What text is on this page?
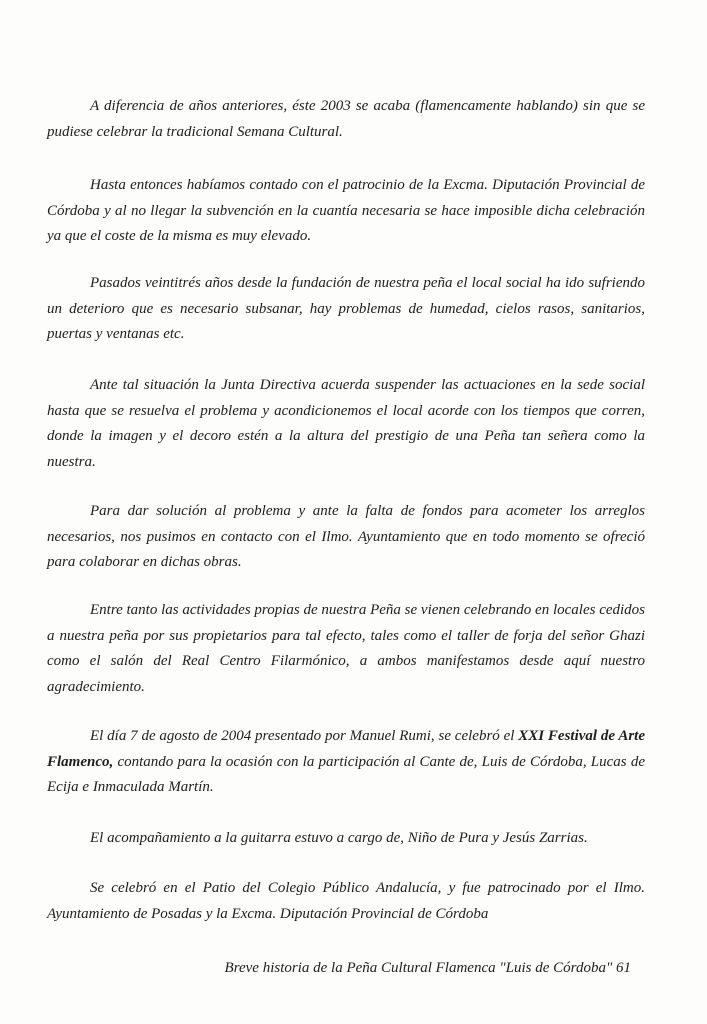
A diferencia de años anteriores, éste 2003 se acaba (flamencamente hablando) sin que se pudiese celebrar la tradicional Semana Cultural.

Hasta entonces habíamos contado con el patrocinio de la Excma. Diputación Provincial de Córdoba y al no llegar la subvención en la cuantía necesaria se hace imposible dicha celebración ya que el coste de la misma es muy elevado.

Pasados veintitrés años desde la fundación de nuestra peña el local social ha ido sufriendo un deterioro que es necesario subsanar, hay problemas de humedad, cielos rasos, sanitarios, puertas y ventanas etc.

Ante tal situación la Junta Directiva acuerda suspender las actuaciones en la sede social hasta que se resuelva el problema y acondicionemos el local acorde con los tiempos que corren, donde la imagen y el decoro estén a la altura del prestigio de una Peña tan señera como la nuestra.

Para dar solución al problema y ante la falta de fondos para acometer los arreglos necesarios, nos pusimos en contacto con el Ilmo. Ayuntamiento que en todo momento se ofreció para colaborar en dichas obras.

Entre tanto las actividades propias de nuestra Peña se vienen celebrando en locales cedidos a nuestra peña por sus propietarios para tal efecto, tales como el taller de forja del señor Ghazi como el salón del Real Centro Filarmónico, a ambos manifestamos desde aquí nuestro agradecimiento.

El día 7 de agosto de 2004 presentado por Manuel Rumi, se celebró el XXI Festival de Arte Flamenco, contando para la ocasión con la participación al Cante de, Luis de Córdoba, Lucas de Ecija e Inmaculada Martín.

El acompañamiento a la guitarra estuvo a cargo de, Niño de Pura y Jesús Zarrias.

Se celebró en el Patio del Colegio Público Andalucía, y fue patrocinado por el Ilmo. Ayuntamiento de Posadas y la Excma. Diputación Provincial de Córdoba

Breve historia de la Peña Cultural Flamenca "Luis de Córdoba" 61
